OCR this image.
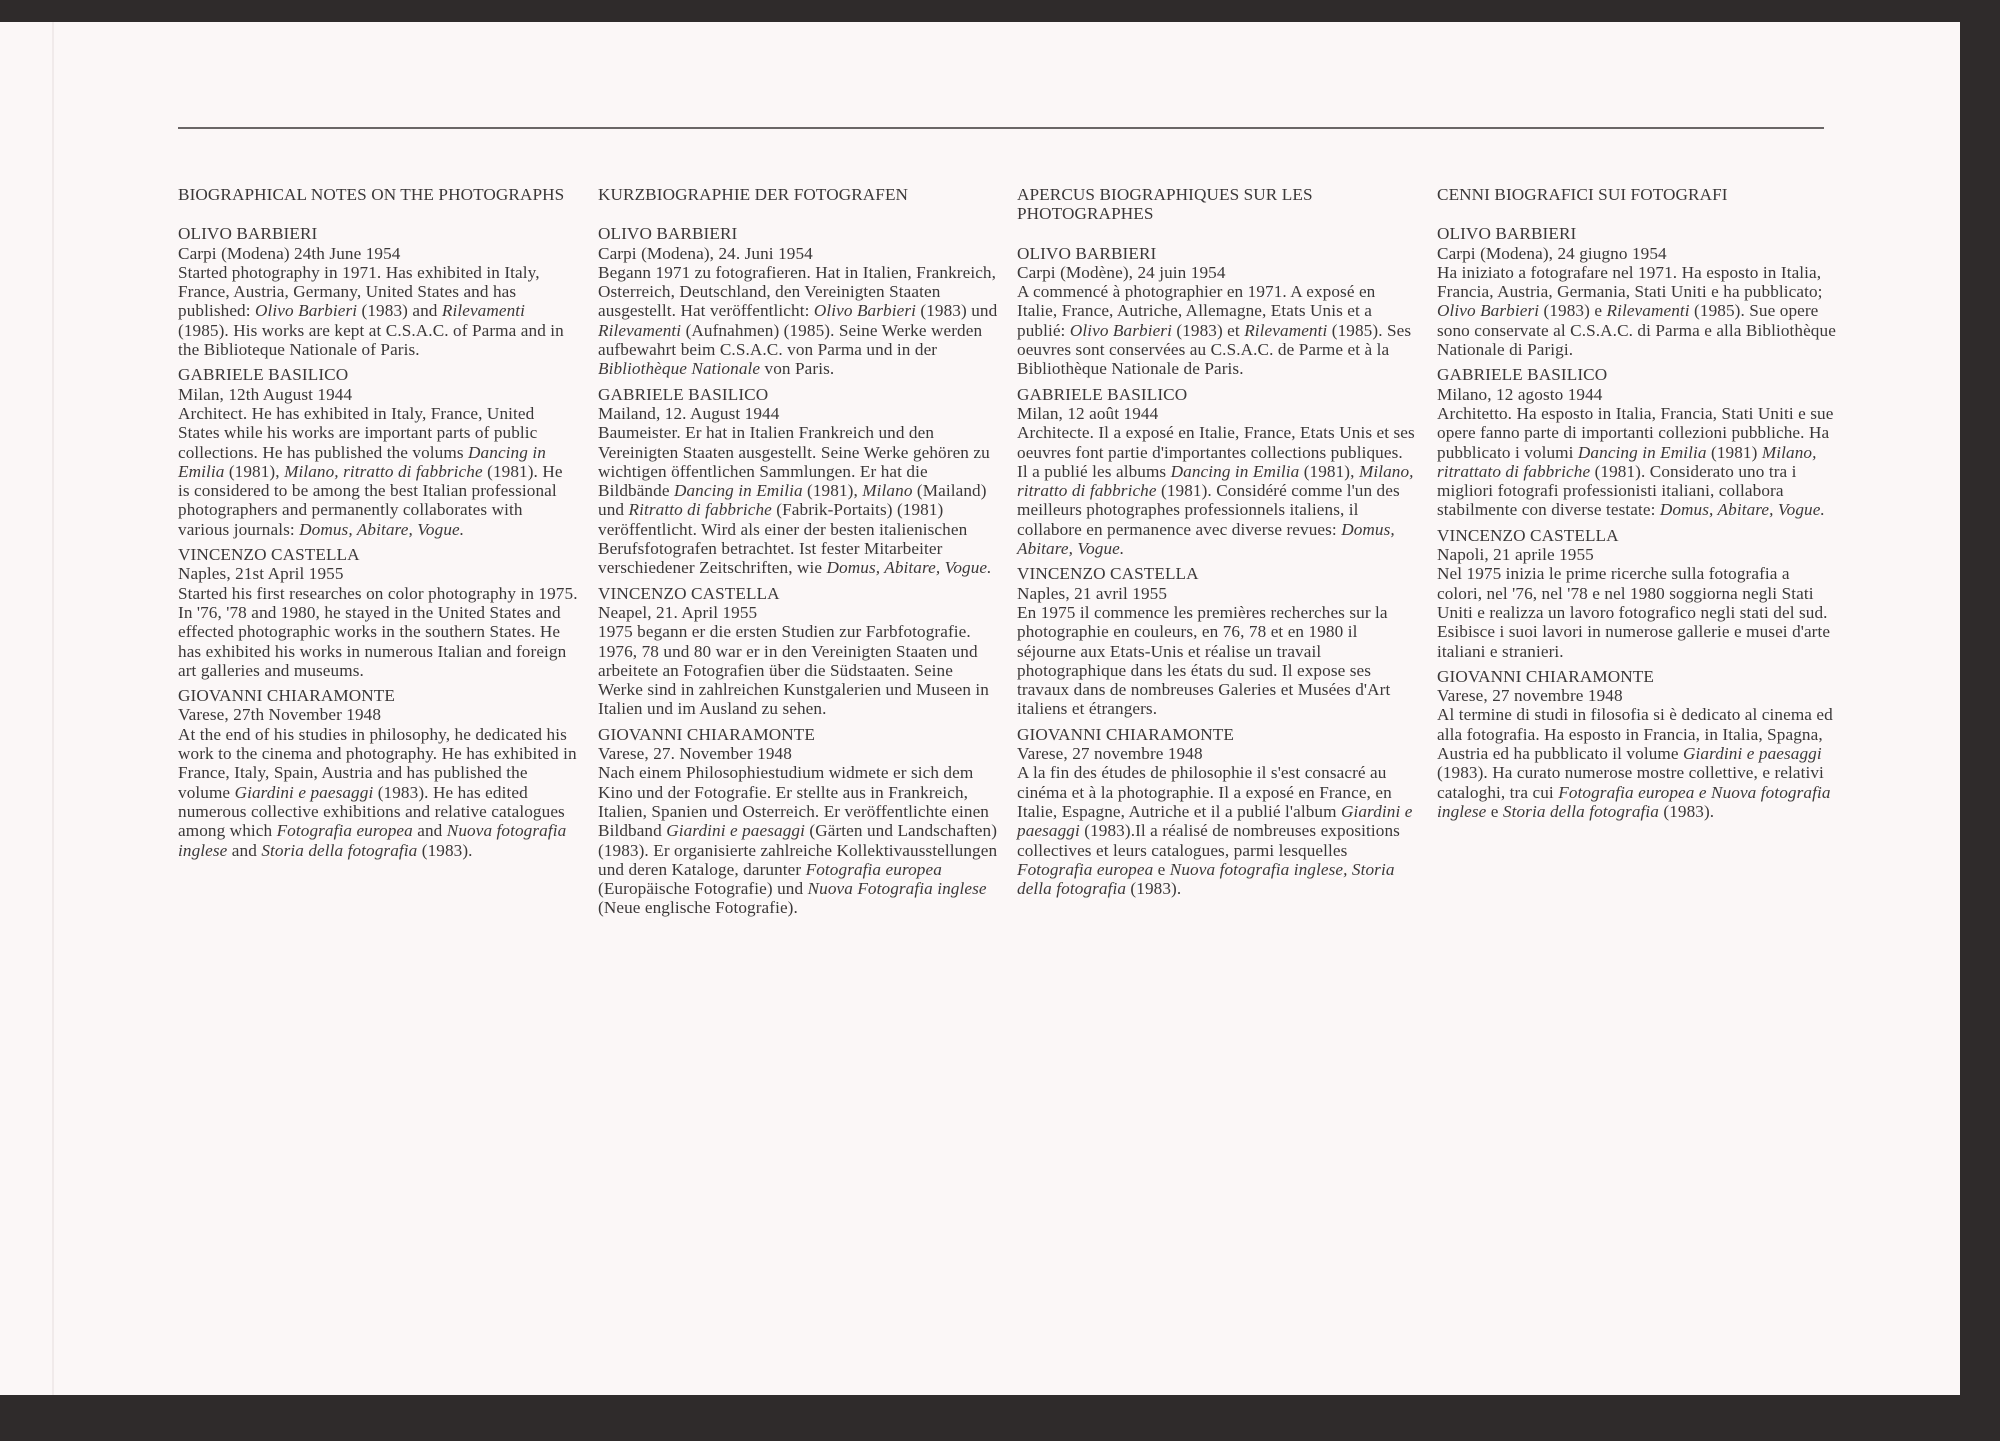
BIOGRAPHICAL NOTES ON THE PHOTOGRAPHS
OLIVO BARBIERI
Carpi (Modena) 24th June 1954

Started photography in 1971. Has exhibited in Italy, France, Austria, Germany, United States and has published: Olivo Barbieri (1983) and Rilevamenti (1985). His works are kept at C.S.A.C. of Parma and in the Biblioteque Nationale of Paris.

GABRIELE BASILICO
Milan, 12th August 1944

Architect. He has exhibited in Italy, France, United States while his works are important parts of public collections. He has published the volums Dancing in Emilia (1981), Milano, ritratto di fabbriche (1981). He is considered to be among the best Italian professional photographers and permanently collaborates with various journals: Domus, Abitare, Vogue.

VINCENZO CASTELLA
Naples, 21st April 1955

Started his first researches on color photography in 1975. In '76, '78 and 1980, he stayed in the United States and effected photographic works in the southern States. He has exhibited his works in numerous Italian and foreign art galleries and museums.

GIOVANNI CHIARAMONTE
Varese, 27th November 1948

At the end of his studies in philosophy, he dedicated his work to the cinema and photography. He has exhibited in France, Italy, Spain, Austria and has published the volume Giardini e paesaggi (1983). He has edited numerous collective exhibitions and relative catalogues among which Fotografia europea and Nuova fotografia inglese and Storia della fotografia (1983).

KURZBIOGRAPHIE DER FOTOGRAFEN
OLIVO BARBIERI
Carpi (Modena), 24. Juni 1954

Begann 1971 zu fotografieren. Hat in Italien, Frankreich, Osterreich, Deutschland, den Vereinigten Staaten ausgestellt. Hat veröffentlicht: Olivo Barbieri (1983) und Rilevamenti (Aufnahmen) (1985). Seine Werke werden aufbewahrt beim C.S.A.C. von Parma und in der Bibliothèque Nationale von Paris.

GABRIELE BASILICO
Mailand, 12. August 1944

Baumeister. Er hat in Italien Frankreich und den Vereinigten Staaten ausgestellt. Seine Werke gehören zu wichtigen öffentlichen Sammlungen. Er hat die Bildbände Dancing in Emilia (1981), Milano (Mailand) und Ritratto di fabbriche (Fabrik-Portaits) (1981) veröffentlicht. Wird als einer der besten italienischen Berufsfotografen betrachtet. Ist fester Mitarbeiter verschiedener Zeitschriften, wie Domus, Abitare, Vogue.

VINCENZO CASTELLA
Neapel, 21. April 1955

1975 begann er die ersten Studien zur Farbfotografie. 1976, 78 und 80 war er in den Vereinigten Staaten und arbeitete an Fotografien über die Südstaaten. Seine Werke sind in zahlreichen Kunstgalerien und Museen in Italien und im Ausland zu sehen.

GIOVANNI CHIARAMONTE
Varese, 27. November 1948

Nach einem Philosophiestudium widmete er sich dem Kino und der Fotografie. Er stellte aus in Frankreich, Italien, Spanien und Osterreich. Er veröffentlichte einen Bildband Giardini e paesaggi (Gärten und Landschaften) (1983). Er organisierte zahlreiche Kollektivausstellungen und deren Kataloge, darunter Fotografia europea (Europäische Fotografie) und Nuova Fotografia inglese (Neue englische Fotografie).

APERCUS BIOGRAPHIQUES SUR LES PHOTOGRAPHES
OLIVO BARBIERI
Carpi (Modène), 24 juin 1954

A commencé à photographier en 1971. A exposé en Italie, France, Autriche, Allemagne, Etats Unis et a publié: Olivo Barbieri (1983) et Rilevamenti (1985). Ses oeuvres sont conservées au C.S.A.C. de Parme et à la Bibliothèque Nationale de Paris.

GABRIELE BASILICO
Milan, 12 août 1944

Architecte. Il a exposé en Italie, France, Etats Unis et ses oeuvres font partie d'importantes collections publiques. Il a publié les albums Dancing in Emilia (1981), Milano, ritratto di fabbriche (1981). Considéré comme l'un des meilleurs photographes professionnels italiens, il collabore en permanence avec diverse revues: Domus, Abitare, Vogue.

VINCENZO CASTELLA
Naples, 21 avril 1955

En 1975 il commence les premières recherches sur la photographie en couleurs, en 76, 78 et en 1980 il séjourne aux Etats-Unis et réalise un travail photographique dans les états du sud. Il expose ses travaux dans de nombreuses Galeries et Musées d'Art italiens et étrangers.

GIOVANNI CHIARAMONTE
Varese, 27 novembre 1948

A la fin des études de philosophie il s'est consacré au cinéma et à la photographie. Il a exposé en France, en Italie, Espagne, Autriche et il a publié l'album Giardini e paesaggi (1983).Il a réalisé de nombreuses expositions collectives et leurs catalogues, parmi lesquelles Fotografia europea e Nuova fotografia inglese, Storia della fotografia (1983).

CENNI BIOGRAFICI SUI FOTOGRAFI
OLIVO BARBIERI
Carpi (Modena), 24 giugno 1954

Ha iniziato a fotografare nel 1971. Ha esposto in Italia, Francia, Austria, Germania, Stati Uniti e ha pubblicato; Olivo Barbieri (1983) e Rilevamenti (1985). Sue opere sono conservate al C.S.A.C. di Parma e alla Bibliothèque Nationale di Parigi.

GABRIELE BASILICO
Milano, 12 agosto 1944

Architetto. Ha esposto in Italia, Francia, Stati Uniti e sue opere fanno parte di importanti collezioni pubbliche. Ha pubblicato i volumi Dancing in Emilia (1981) Milano, ritrattato di fabbriche (1981). Considerato uno tra i migliori fotografi professionisti italiani, collabora stabilmente con diverse testate: Domus, Abitare, Vogue.

VINCENZO CASTELLA
Napoli, 21 aprile 1955

Nel 1975 inizia le prime ricerche sulla fotografia a colori, nel '76, nel '78 e nel 1980 soggiorna negli Stati Uniti e realizza un lavoro fotografico negli stati del sud. Esibisce i suoi lavori in numerose gallerie e musei d'arte italiani e stranieri.

GIOVANNI CHIARAMONTE
Varese, 27 novembre 1948

Al termine di studi in filosofia si è dedicato al cinema ed alla fotografia. Ha esposto in Francia, in Italia, Spagna, Austria ed ha pubblicato il volume Giardini e paesaggi (1983). Ha curato numerose mostre collettive, e relativi cataloghi, tra cui Fotografia europea e Nuova fotografia inglese e Storia della fotografia (1983).
